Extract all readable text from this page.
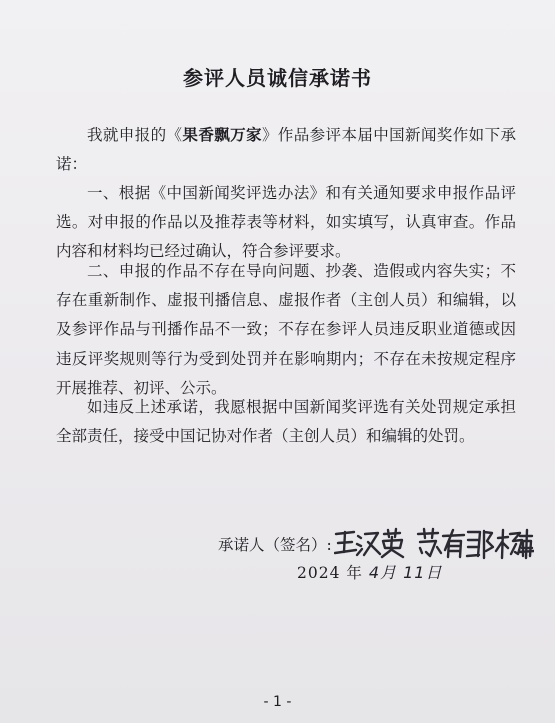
参评人员诚信承诺书
我就申报的《果香飘万家》作品参评本届中国新闻奖作如下承诺：
一、根据《中国新闻奖评选办法》和有关通知要求申报作品评选。对申报的作品以及推荐表等材料，如实填写，认真审查。作品内容和材料均已经过确认，符合参评要求。
二、申报的作品不存在导向问题、抄袭、造假或内容失实；不存在重新制作、虚报刊播信息、虚报作者（主创人员）和编辑，以及参评作品与刊播作品不一致；不存在参评人员违反职业道德或因违反评奖规则等行为受到处罚并在影响期内；不存在未按规定程序开展推荐、初评、公示。
如违反上述承诺，我愿根据中国新闻奖评选有关处罚规定承担全部责任，接受中国记协对作者（主创人员）和编辑的处罚。
承诺人（签名）:
2024 年 4月 11日
- 1 -
